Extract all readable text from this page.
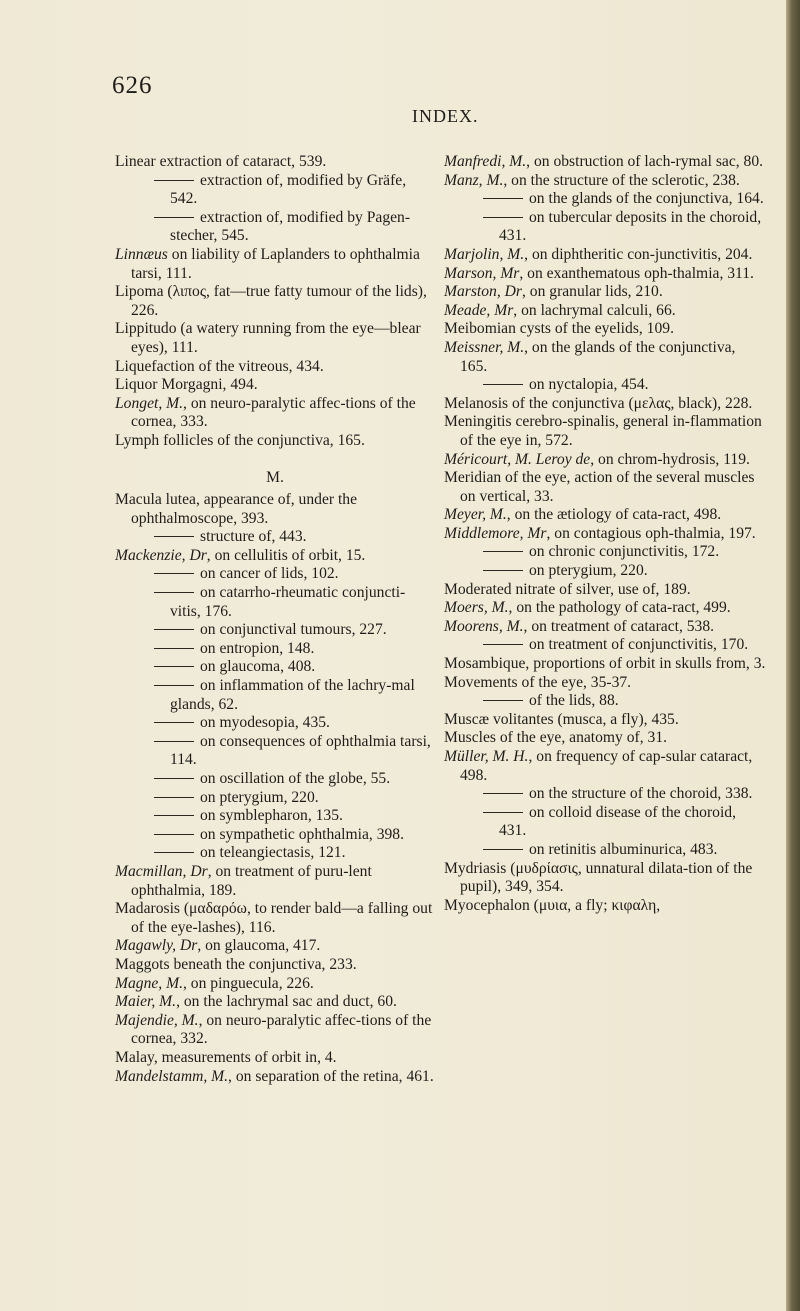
626
INDEX.

Linear extraction of cataract, 539.

extraction of, modified by Gräfe, 542.

extraction of, modified by Pagen-stecher, 545.

Linnæus on liability of Laplanders to ophthalmia tarsi, 111.

Lipoma (λιπος, fat—true fatty tumour of the lids), 226.

Lippitudo (a watery running from the eye—blear eyes), 111.

Liquefaction of the vitreous, 434.

Liquor Morgagni, 494.

Longet, M., on neuro-paralytic affec-tions of the cornea, 333.

Lymph follicles of the conjunctiva, 165.

M.

Macula lutea, appearance of, under the ophthalmoscope, 393.

structure of, 443.

Mackenzie, Dr, on cellulitis of orbit, 15.

on cancer of lids, 102.

on catarrho-rheumatic conjuncti-vitis, 176.

on conjunctival tumours, 227.

on entropion, 148.

on glaucoma, 408.

on inflammation of the lachry-mal glands, 62.

on myodesopia, 435.

on consequences of ophthalmia tarsi, 114.

on oscillation of the globe, 55.

on pterygium, 220.

on symblepharon, 135.

on sympathetic ophthalmia, 398.

on teleangiectasis, 121.

Macmillan, Dr, on treatment of puru-lent ophthalmia, 189.

Madarosis (μαδαρόω, to render bald—a falling out of the eye-lashes), 116.

Magawly, Dr, on glaucoma, 417.

Maggots beneath the conjunctiva, 233.

Magne, M., on pinguecula, 226.

Maier, M., on the lachrymal sac and duct, 60.

Majendie, M., on neuro-paralytic affec-tions of the cornea, 332.

Malay, measurements of orbit in, 4.

Mandelstamm, M., on separation of the retina, 461.

Manfredi, M., on obstruction of lach-rymal sac, 80.

Manz, M., on the structure of the sclerotic, 238.

on the glands of the conjunctiva, 164.

on tubercular deposits in the choroid, 431.

Marjolin, M., on diphtheritic con-junctivitis, 204.

Marson, Mr, on exanthematous oph-thalmia, 311.

Marston, Dr, on granular lids, 210.

Meade, Mr, on lachrymal calculi, 66.

Meibomian cysts of the eyelids, 109.

Meissner, M., on the glands of the conjunctiva, 165.

on nyctalopia, 454.

Melanosis of the conjunctiva (μελας, black), 228.

Meningitis cerebro-spinalis, general in-flammation of the eye in, 572.

Méricourt, M. Leroy de, on chrom-hydrosis, 119.

Meridian of the eye, action of the several muscles on vertical, 33.

Meyer, M., on the ætiology of cata-ract, 498.

Middlemore, Mr, on contagious oph-thalmia, 197.

on chronic conjunctivitis, 172.

on pterygium, 220.

Moderated nitrate of silver, use of, 189.

Moers, M., on the pathology of cata-ract, 499.

Moorens, M., on treatment of cataract, 538.

on treatment of conjunctivitis, 170.

Mosambique, proportions of orbit in skulls from, 3.

Movements of the eye, 35-37.

of the lids, 88.

Muscæ volitantes (musca, a fly), 435.

Muscles of the eye, anatomy of, 31.

Müller, M. H., on frequency of cap-sular cataract, 498.

on the structure of the choroid, 338.

on colloid disease of the choroid, 431.

on retinitis albuminurica, 483.

Mydriasis (μυδρίασις, unnatural dilata-tion of the pupil), 349, 354.

Myocephalon (μυια, a fly; κιφαλη,
